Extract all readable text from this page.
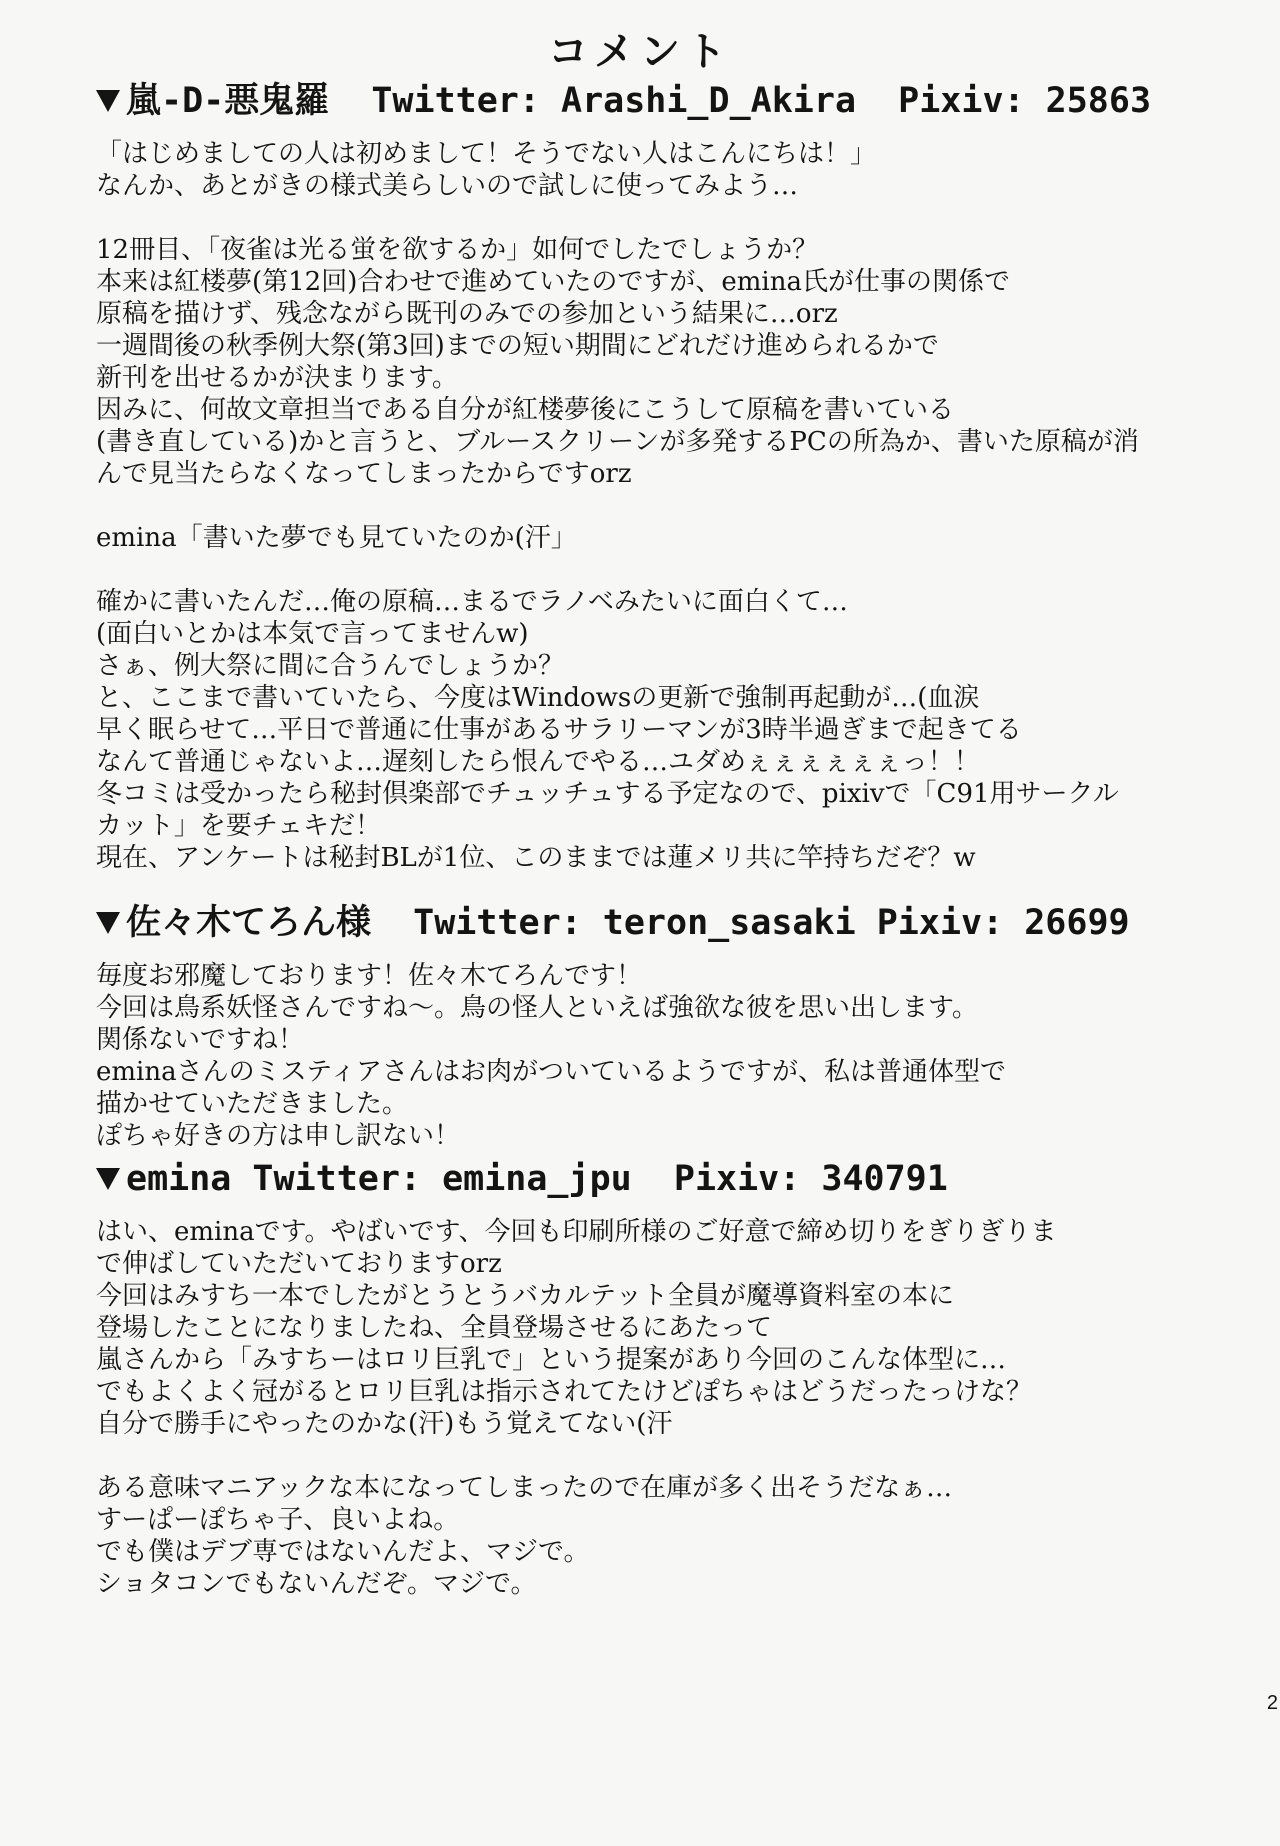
コメント
嵐-D-悪鬼羅  Twitter: Arashi_D_Akira  Pixiv: 25863

「はじめましての人は初めまして！そうでない人はこんにちは！」

なんか、あとがきの様式美らしいので試しに使ってみよう…

12冊目、「夜雀は光る蛍を欲するか」如何でしたでしょうか？

本来は紅楼夢(第12回)合わせで進めていたのですが、emina氏が仕事の関係で

原稿を描けず、残念ながら既刊のみでの参加という結果に…orz

一週間後の秋季例大祭(第3回)までの短い期間にどれだけ進められるかで

新刊を出せるかが決まります。

因みに、何故文章担当である自分が紅楼夢後にこうして原稿を書いている

(書き直している)かと言うと、ブルースクリーンが多発するPCの所為か、書いた原稿が消

んで見当たらなくなってしまったからですorz

emina「書いた夢でも見ていたのか(汗」

確かに書いたんだ…俺の原稿…まるでラノベみたいに面白くて…

(面白いとかは本気で言ってませんw)

さぁ、例大祭に間に合うんでしょうか？

と、ここまで書いていたら、今度はWindowsの更新で強制再起動が…(血涙

早く眠らせて…平日で普通に仕事があるサラリーマンが3時半過ぎまで起きてる

なんて普通じゃないよ…遅刻したら恨んでやる…ユダめぇぇぇぇぇぇっ！！

冬コミは受かったら秘封倶楽部でチュッチュする予定なので、pixivで「C91用サークル

カット」を要チェキだ！

現在、アンケートは秘封BLが1位、このままでは蓮メリ共に竿持ちだぞ？w

佐々木てろん様  Twitter: teron_sasaki Pixiv: 26699

毎度お邪魔しております！佐々木てろんです！

今回は鳥系妖怪さんですね～。鳥の怪人といえば強欲な彼を思い出します。

関係ないですね！

eminaさんのミスティアさんはお肉がついているようですが、私は普通体型で

描かせていただきました。

ぽちゃ好きの方は申し訳ない！

emina Twitter: emina_jpu  Pixiv: 340791

はい、eminaです。やばいです、今回も印刷所様のご好意で締め切りをぎりぎりま

で伸ばしていただいておりますorz

今回はみすち一本でしたがとうとうバカルテット全員が魔導資料室の本に

登場したことになりましたね、全員登場させるにあたって

嵐さんから「みすちーはロリ巨乳で」という提案があり今回のこんな体型に…

でもよくよく冠がるとロリ巨乳は指示されてたけどぽちゃはどうだったっけな？

自分で勝手にやったのかな(汗)もう覚えてない(汗

ある意味マニアックな本になってしまったので在庫が多く出そうだなぁ…

すーぱーぽちゃ子、良いよね。

でも僕はデブ専ではないんだよ、マジで。

ショタコンでもないんだぞ。マジで。

2
